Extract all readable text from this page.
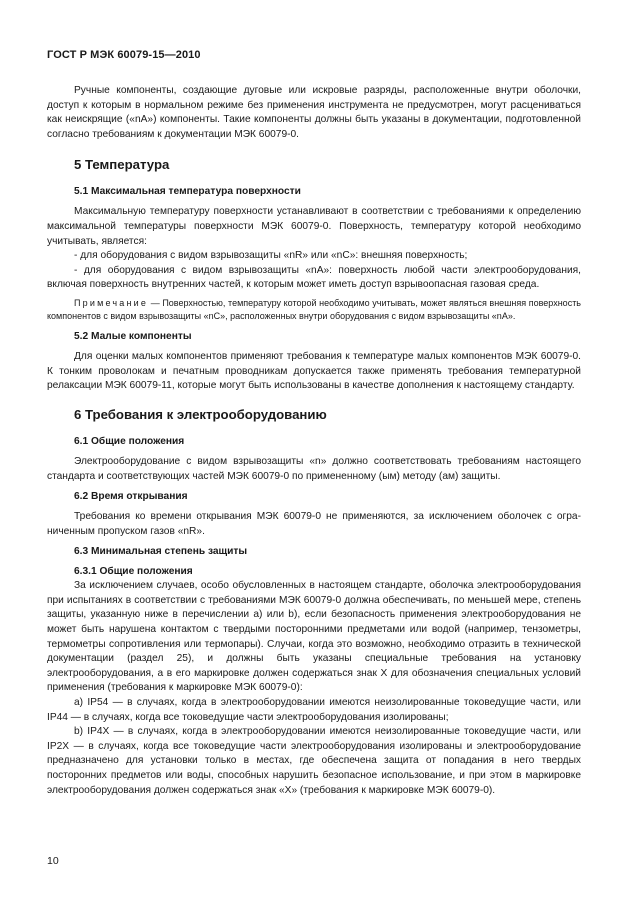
ГОСТ Р МЭК 60079-15—2010

Ручные компоненты, создающие дуговые или искровые разряды, расположенные внутри оболочки, доступ к которым в нормальном режиме без применения инструмента не предусмотрен, могут расцениваться как неискрящие («nA») компоненты. Такие компоненты должны быть указаны в документации, подготовленной согласно требованиям к документации МЭК 60079-0.

5 Температура
5.1 Максимальная температура поверхности

Максимальную температуру поверхности устанавливают в соответствии с требованиями к определению максимальной температуры поверхности МЭК 60079-0. Поверхность, температуру которой необходимо учитывать, является:

- для оборудования с видом взрывозащиты «nR» или «nC»: внешняя поверхность;

- для оборудования с видом взрывозащиты «nA»: поверхность любой части электрооборудования, включая поверхность внутренних частей, к которым может иметь доступ взрывоопасная газовая среда.

Примечание — Поверхностью, температуру которой необходимо учитывать, может являться внешняя поверхность компонентов с видом взрывозащиты «nC», расположенных внутри оборудования с видом взрывозащиты «nA».

5.2 Малые компоненты

Для оценки малых компонентов применяют требования к температуре малых компонентов МЭК 60079-0. К тонким проволокам и печатным проводникам допускается также применять требования температурной релаксации МЭК 60079-11, которые могут быть использованы в качестве дополнения к настоящему стандарту.

6 Требования к электрооборудованию
6.1 Общие положения

Электрооборудование с видом взрывозащиты «n» должно соответствовать требованиям настоящего стандарта и соответствующих частей МЭК 60079-0 по примененному (ым) методу (ам) защиты.

6.2 Время открывания

Требования ко времени открывания МЭК 60079-0 не применяются, за исключением оболочек с ограниченным пропуском газов «nR».

6.3 Минимальная степень защиты
6.3.1 Общие положения

За исключением случаев, особо обусловленных в настоящем стандарте, оболочка электрооборудования при испытаниях в соответствии с требованиями МЭК 60079-0 должна обеспечивать, по меньшей мере, степень защиты, указанную ниже в перечислении а) или b), если безопасность применения электрооборудования не может быть нарушена контактом с твердыми посторонними предметами или водой (например, тензометры, термометры сопротивления или термопары). Случаи, когда это возможно, необходимо отразить в технической документации (раздел 25), и должны быть указаны специальные требования на установку электрооборудования, а в его маркировке должен содержаться знак X для обозначения специальных условий применения (требования к маркировке МЭК 60079-0):

a) IP54 — в случаях, когда в электрооборудовании имеются неизолированные токоведущие части, или IP44 — в случаях, когда все токоведущие части электрооборудования изолированы;

b) IP4X — в случаях, когда в электрооборудовании имеются неизолированные токоведущие части, или IP2X — в случаях, когда все токоведущие части электрооборудования изолированы и электрооборудование предназначено для установки только в местах, где обеспечена защита от попадания в него твердых посторонних предметов или воды, способных нарушить безопасное использование, и при этом в маркировке электрооборудования должен содержаться знак «X» (требования к маркировке МЭК 60079-0).

10
